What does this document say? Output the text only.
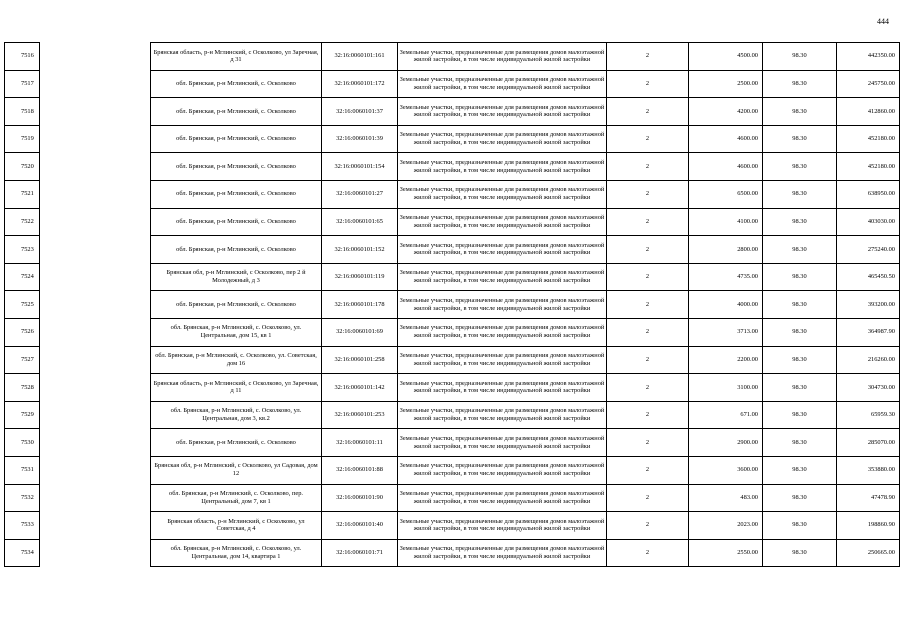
444
7516		Брянская область, р-н Мглинский, с Осколково, ул Заречная, д 31	32:16:0060101:161	Земельные участки, предназначенные для размещения домов малоэтажной жилой застройки, в том числе индивидуальной жилой застройки	2	4500.00	98.30	442350.00
7517		обл. Брянская, р-н Мглинский, с. Осколково	32:16:0060101:172	Земельные участки, предназначенные для размещения домов малоэтажной жилой застройки, в том числе индивидуальной жилой застройки	2	2500.00	98.30	245750.00
7518		обл. Брянская, р-н Мглинский, с. Осколково	32:16:0060101:37	Земельные участки, предназначенные для размещения домов малоэтажной жилой застройки, в том числе индивидуальной жилой застройки	2	4200.00	98.30	412860.00
7519		обл. Брянская, р-н Мглинский, с. Осколково	32:16:0060101:39	Земельные участки, предназначенные для размещения домов малоэтажной жилой застройки, в том числе индивидуальной жилой застройки	2	4600.00	98.30	452180.00
7520		обл. Брянская, р-н Мглинский, с. Осколково	32:16:0060101:154	Земельные участки, предназначенные для размещения домов малоэтажной жилой застройки, в том числе индивидуальной жилой застройки	2	4600.00	98.30	452180.00
7521		обл. Брянская, р-н Мглинский, с. Осколково	32:16:0060101:27	Земельные участки, предназначенные для размещения домов малоэтажной жилой застройки, в том числе индивидуальной жилой застройки	2	6500.00	98.30	638950.00
7522		обл. Брянская, р-н Мглинский, с. Осколково	32:16:0060101:65	Земельные участки, предназначенные для размещения домов малоэтажной жилой застройки, в том числе индивидуальной жилой застройки	2	4100.00	98.30	403030.00
7523		обл. Брянская, р-н Мглинский, с. Осколково	32:16:0060101:152	Земельные участки, предназначенные для размещения домов малоэтажной жилой застройки, в том числе индивидуальной жилой застройки	2	2800.00	98.30	275240.00
7524		Брянская обл, р-н Мглинский, с Осколково, пер 2 й Молодежный, д 3	32:16:0060101:119	Земельные участки, предназначенные для размещения домов малоэтажной жилой застройки, в том числе индивидуальной жилой застройки	2	4735.00	98.30	465450.50
7525		обл. Брянская, р-н Мглинский, с. Осколково	32:16:0060101:178	Земельные участки, предназначенные для размещения домов малоэтажной жилой застройки, в том числе индивидуальной жилой застройки	2	4000.00	98.30	393200.00
7526		обл. Брянская, р-н Мглинский, с. Осколково, ул. Центральная, дом 15, кв 1	32:16:0060101:69	Земельные участки, предназначенные для размещения домов малоэтажной жилой застройки, в том числе индивидуальной жилой застройки	2	3713.00	98.30	364987.90
7527		обл. Брянская, р-н Мглинский, с. Осколково, ул. Советская, дом 16	32:16:0060101:258	Земельные участки, предназначенные для размещения домов малоэтажной жилой застройки, в том числе индивидуальной жилой застройки	2	2200.00	98.30	216260.00
7528		Брянская область, р-н Мглинский, с Осколково, ул Заречная, д 11	32:16:0060101:142	Земельные участки, предназначенные для размещения домов малоэтажной жилой застройки, в том числе индивидуальной жилой застройки	2	3100.00	98.30	304730.00
7529		обл. Брянская, р-н Мглинский, с. Осколково, ул. Центральная, дом 3, кв.2	32:16:0060101:253	Земельные участки, предназначенные для размещения домов малоэтажной жилой застройки, в том числе индивидуальной жилой застройки	2	671.00	98.30	65959.30
7530		обл. Брянская, р-н Мглинский, с. Осколково	32:16:0060101:11	Земельные участки, предназначенные для размещения домов малоэтажной жилой застройки, в том числе индивидуальной жилой застройки	2	2900.00	98.30	285070.00
7531		Брянская обл, р-н Мглинский, с Осколково, ул Садовая, дом 12	32:16:0060101:88	Земельные участки, предназначенные для размещения домов малоэтажной жилой застройки, в том числе индивидуальной жилой застройки	2	3600.00	98.30	353880.00
7532		обл. Брянская, р-н Мглинский, с. Осколково, пер. Центральный, дом 7, кв 1	32:16:0060101:90	Земельные участки, предназначенные для размещения домов малоэтажной жилой застройки, в том числе индивидуальной жилой застройки	2	483.00	98.30	47478.90
7533		Брянская область, р-н Мглинский, с Осколково, ул Советская, д 4	32:16:0060101:40	Земельные участки, предназначенные для размещения домов малоэтажной жилой застройки, в том числе индивидуальной жилой застройки	2	2023.00	98.30	198860.90
7534		обл. Брянская, р-н Мглинский, с. Осколково, ул. Центральная, дом 14, квартира 1	32:16:0060101:71	Земельные участки, предназначенные для размещения домов малоэтажной жилой застройки, в том числе индивидуальной жилой застройки	2	2550.00	98.30	250665.00
